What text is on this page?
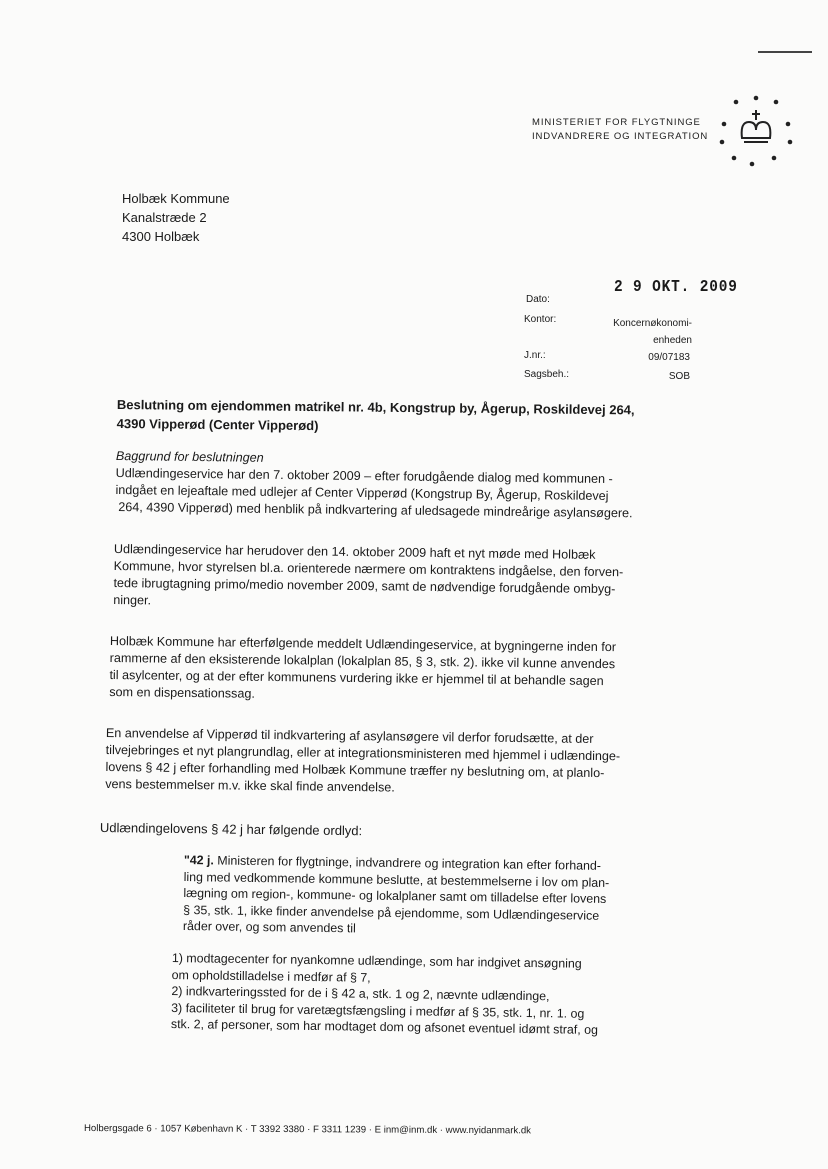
MINISTERIET FOR FLYGTNINGE
INDVANDRERE OG INTEGRATION
Holbæk Kommune
Kanalstræde 2
4300 Holbæk
2 9 OKT. 2009
Dato:
Kontor:	Koncernøkonomi-
enheden
J.nr.:	09/07183
Sagsbeh.:	SOB
Beslutning om ejendommen matrikel nr. 4b, Kongstrup by, Ågerup, Roskildevej 264,
4390 Vipperød (Center Vipperød)

Baggrund for beslutningen

Udlændingeservice har den 7. oktober 2009 – efter forudgående dialog med kommunen -

indgået en lejeaftale med udlejer af Center Vipperød (Kongstrup By, Ågerup, Roskildevej

264, 4390 Vipperød) med henblik på indkvartering af uledsagede mindreårige asylansøgere.

Udlændingeservice har herudover den 14. oktober 2009 haft et nyt møde med Holbæk

Kommune, hvor styrelsen bl.a. orienterede nærmere om kontraktens indgåelse, den forven-

tede ibrugtagning primo/medio november 2009, samt de nødvendige forudgående ombyg-

ninger.

Holbæk Kommune har efterfølgende meddelt Udlændingeservice, at bygningerne inden for

rammerne af den eksisterende lokalplan (lokalplan 85, § 3, stk. 2). ikke vil kunne anvendes

til asylcenter, og at der efter kommunens vurdering ikke er hjemmel til at behandle sagen

som en dispensationssag.

En anvendelse af Vipperød til indkvartering af asylansøgere vil derfor forudsætte, at der

tilvejebringes et nyt plangrundlag, eller at integrationsministeren med hjemmel i udlændinge-

lovens § 42 j efter forhandling med Holbæk Kommune træffer ny beslutning om, at planlo-

vens bestemmelser m.v. ikke skal finde anvendelse.

Udlændingelovens § 42 j har følgende ordlyd:

"42 j. Ministeren for flygtninge, indvandrere og integration kan efter forhand-
ling med vedkommende kommune beslutte, at bestemmelserne i lov om plan-
lægning om region-, kommune- og lokalplaner samt om tilladelse efter lovens
§ 35, stk. 1, ikke finder anvendelse på ejendomme, som Udlændingeservice
råder over, og som anvendes til
1) modtagecenter for nyankomne udlændinge, som har indgivet ansøgning
om opholdstilladelse i medfør af § 7,
2) indkvarteringssted for de i § 42 a, stk. 1 og 2, nævnte udlændinge,
3) faciliteter til brug for varetægtsfængsling i medfør af § 35, stk. 1, nr. 1. og
stk. 2, af personer, som har modtaget dom og afsonet eventuel idømt straf, og
Holbergsgade 6 · 1057 København K · T 3392 3380 · F 3311 1239 · E inm@inm.dk · www.nyidanmark.dk
